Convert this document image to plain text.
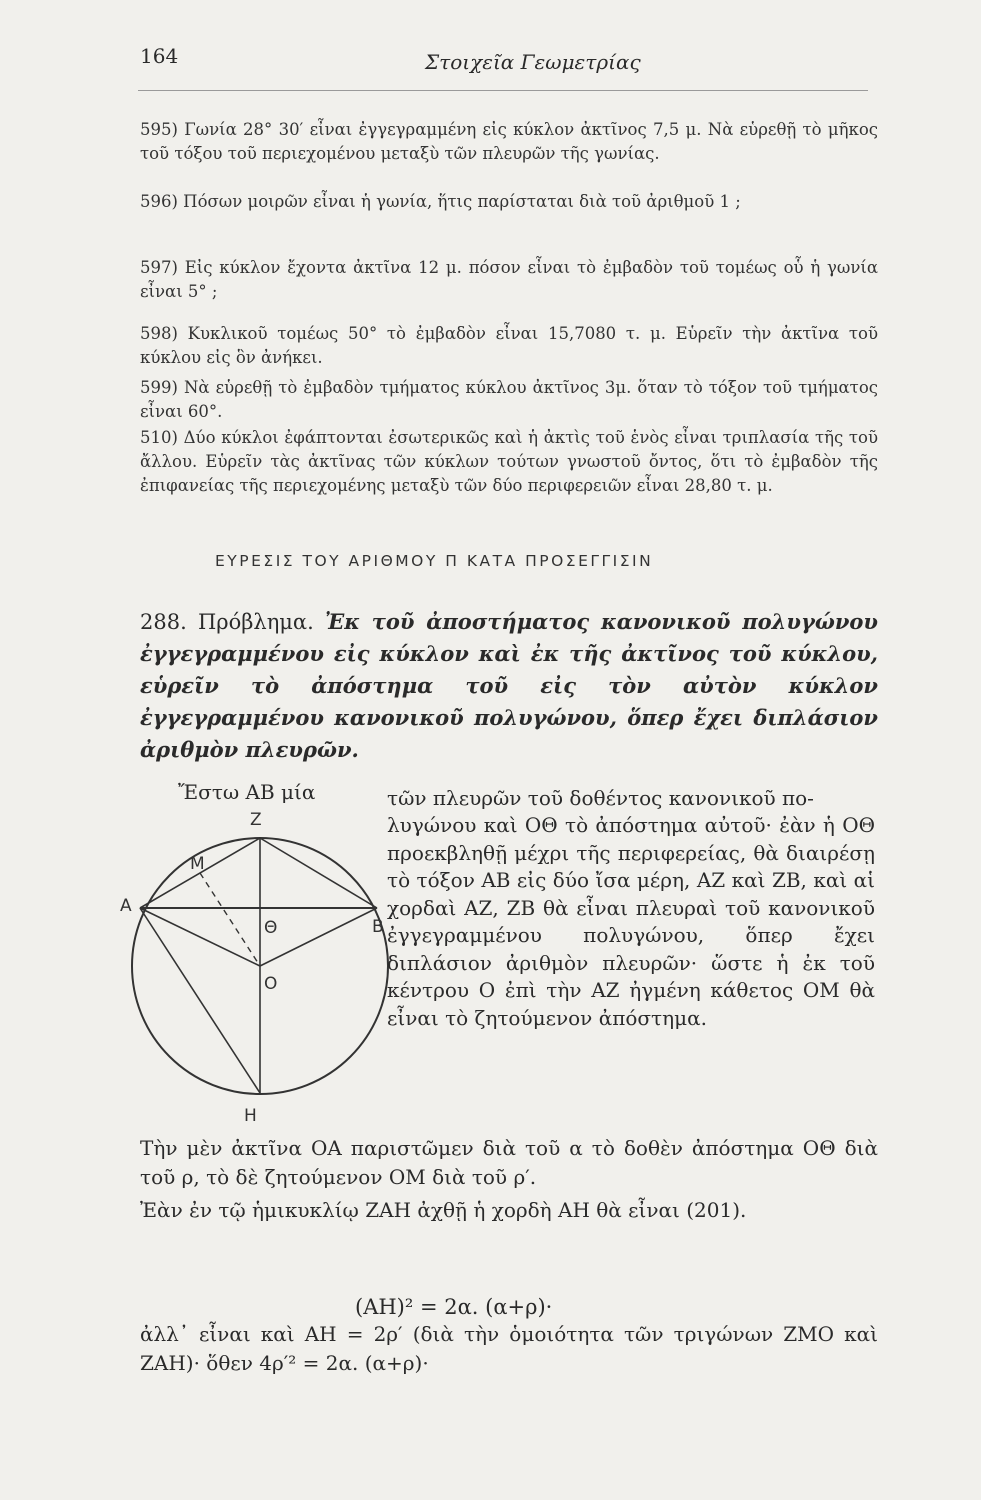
164	Στοιχεῖα Γεωμετρίας
595) Γωνία 28° 30′ εἶναι ἐγγεγραμμένη εἰς κύκλον ἀκτῖνος 7,5 μ. Νὰ εὑρεθῇ τὸ μῆκος τοῦ τόξου τοῦ περιεχομένου μεταξὺ τῶν πλευρῶν τῆς γωνίας.
596) Πόσων μοιρῶν εἶναι ἡ γωνία, ἥτις παρίσταται διὰ τοῦ ἀριθμοῦ 1 ;
597) Εἰς κύκλον ἔχοντα ἀκτῖνα 12 μ. πόσον εἶναι τὸ ἐμβαδὸν τοῦ τομέως οὗ ἡ γωνία εἶναι 5° ;
598) Κυκλικοῦ τομέως 50° τὸ ἐμβαδὸν εἶναι 15,7080 τ. μ. Εὑρεῖν τὴν ἀκτῖνα τοῦ κύκλου εἰς ὃν ἀνήκει.
599) Νὰ εὑρεθῇ τὸ ἐμβαδὸν τμήματος κύκλου ἀκτῖνος 3μ. ὅταν τὸ τόξον τοῦ τμήματος εἶναι 60°.
510) Δύο κύκλοι ἐφάπτονται ἐσωτερικῶς καὶ ἡ ἀκτὶς τοῦ ἑνὸς εἶναι τριπλασία τῆς τοῦ ἄλλου. Εὑρεῖν τὰς ἀκτῖνας τῶν κύκλων τούτων γνωστοῦ ὄντος, ὅτι τὸ ἐμβαδὸν τῆς ἐπιφανείας τῆς περιεχομένης μεταξὺ τῶν δύο περιφερειῶν εἶναι 28,80 τ. μ.
ΕΥΡΕΣΙΣ ΤΟΥ ΑΡΙΘΜΟΥ Π ΚΑΤΑ ΠΡΟΣΕΓΓΙΣΙΝ
288. Πρόβλημα. Ἐκ τοῦ ἀποστήματος κανονικοῦ πολυγώνου ἐγγεγραμμένου εἰς κύκλον καὶ ἐκ τῆς ἀκτῖνος τοῦ κύκλου, εὑρεῖν τὸ ἀπόστημα τοῦ εἰς τὸν αὐτὸν κύκλον ἐγγεγραμμένου κανονικοῦ πολυγώνου, ὅπερ ἔχει διπλάσιον ἀριθμὸν πλευρῶν.
Ἔστω ΑΒ μία	τῶν πλευρῶν τοῦ δοθέντος κανονικοῦ πο-
Z
M
A
B
Θ
O
H
λυγώνου καὶ ΟΘ τὸ ἀπόστημα αὐτοῦ· ἐὰν ἡ ΟΘ προεκβληθῇ μέχρι τῆς περιφερείας, θὰ διαιρέσῃ τὸ τόξον ΑΒ εἰς δύο ἴσα μέρη, ΑΖ καὶ ΖΒ, καὶ αἱ χορδαὶ ΑΖ, ΖΒ θὰ εἶναι πλευραὶ τοῦ κανονικοῦ ἐγγεγραμμένου πολυγώνου, ὅπερ ἔχει διπλάσιον ἀριθμὸν πλευρῶν· ὥστε ἡ ἐκ τοῦ κέντρου Ο ἐπὶ τὴν ΑΖ ἠγμένη κάθετος ΟΜ θὰ εἶναι τὸ ζητούμενον ἀπόστημα.
Τὴν μὲν ἀκτῖνα ΟΑ παριστῶμεν διὰ τοῦ α τὸ δοθὲν ἀπόστημα ΟΘ διὰ τοῦ ρ, τὸ δὲ ζητούμενον ΟΜ διὰ τοῦ ρ′.
Ἐὰν ἐν τῷ ἡμικυκλίῳ ΖΑΗ ἀχθῇ ἡ χορδὴ ΑΗ θὰ εἶναι (201).
(ΑΗ)² = 2α. (α+ρ)·
ἀλλ᾽ εἶναι καὶ ΑΗ = 2ρ′ (διὰ τὴν ὁμοιότητα τῶν τριγώνων ΖΜΟ καὶ ΖΑΗ)· ὅθεν 4ρ′² = 2α. (α+ρ)·
